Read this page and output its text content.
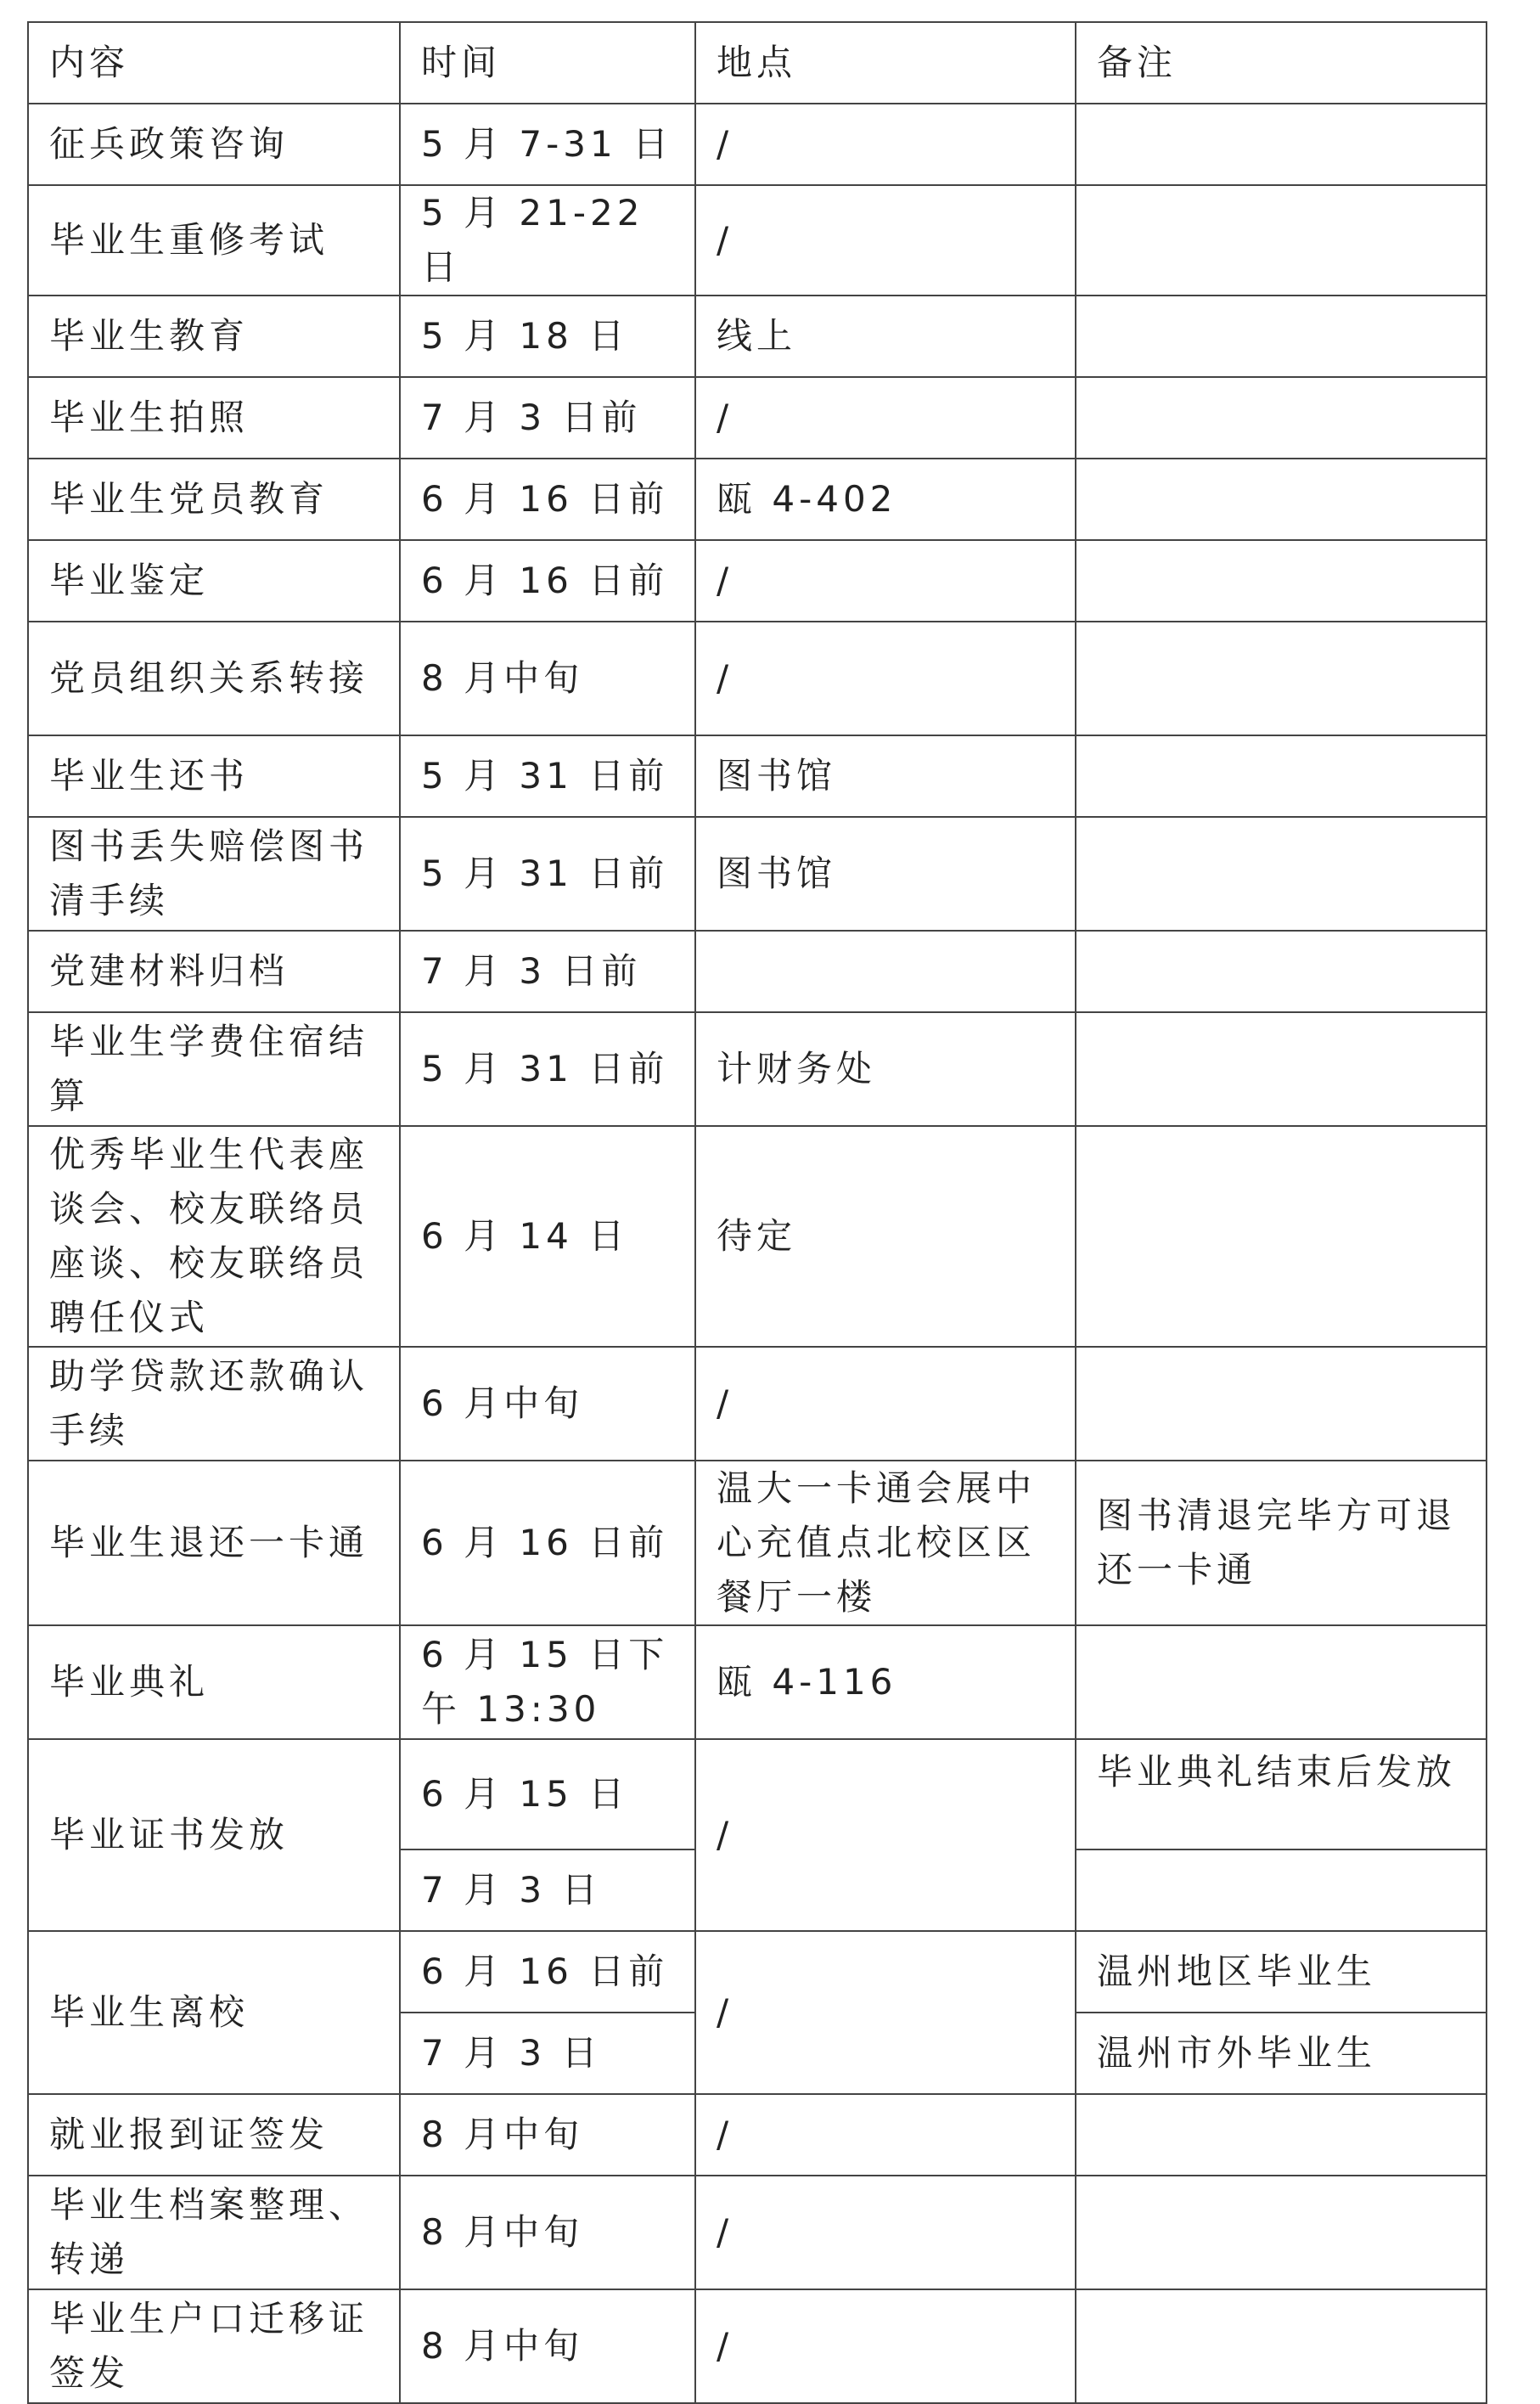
内容	时间	地点	备注
征兵政策咨询	5 月 7-31 日	/	
毕业生重修考试	5 月 21-22 日	/	
毕业生教育	5 月 18 日	线上	
毕业生拍照	7 月 3 日前	/	
毕业生党员教育	6 月 16 日前	瓯 4-402	
毕业鉴定	6 月 16 日前	/	
党员组织关系转接	8 月中旬	/	
毕业生还书	5 月 31 日前	图书馆	
图书丢失赔偿图书清手续	5 月 31 日前	图书馆	
党建材料归档	7 月 3 日前		
毕业生学费住宿结算	5 月 31 日前	计财务处	
优秀毕业生代表座谈会、校友联络员座谈、校友联络员聘任仪式	6 月 14 日	待定	
助学贷款还款确认手续	6 月中旬	/	
毕业生退还一卡通	6 月 16 日前	温大一卡通会展中心充值点北校区区餐厅一楼	图书清退完毕方可退还一卡通
毕业典礼	6 月 15 日下午 13:30	瓯 4-116	
毕业证书发放	6 月 15 日	/	毕业典礼结束后发放
	7 月 3 日		
毕业生离校	6 月 16 日前	/	温州地区毕业生
	7 月 3 日		温州市外毕业生
就业报到证签发	8 月中旬	/	
毕业生档案整理、转递	8 月中旬	/	
毕业生户口迁移证签发	8 月中旬	/	
